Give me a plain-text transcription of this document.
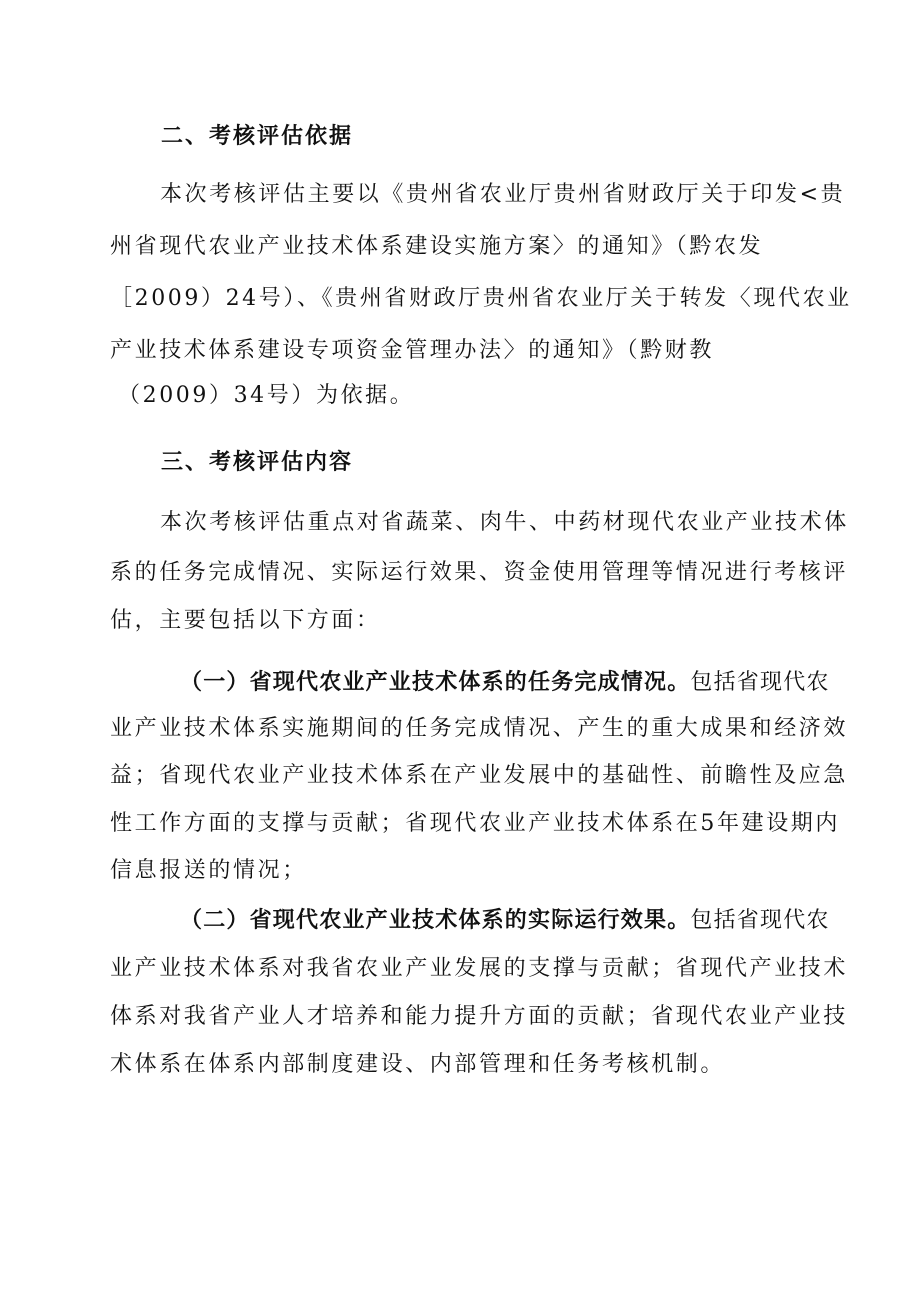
二、考核评估依据
本次考核评估主要以《贵州省农业厅贵州省财政厅关于印发<贵
州省现代农业产业技术体系建设实施方案〉的通知》（黔农发
［2009）24号）、《贵州省财政厅贵州省农业厅关于转发〈现代农业
产业技术体系建设专项资金管理办法〉的通知》（黔财教
（2009）34号）为依据。
三、考核评估内容
本次考核评估重点对省蔬菜、肉牛、中药材现代农业产业技术体
系的任务完成情况、实际运行效果、资金使用管理等情况进行考核评
估，主要包括以下方面：
（一）省现代农业产业技术体系的任务完成情况。包括省现代农
业产业技术体系实施期间的任务完成情况、产生的重大成果和经济效
益；省现代农业产业技术体系在产业发展中的基础性、前瞻性及应急
性工作方面的支撑与贡献；省现代农业产业技术体系在5年建设期内
信息报送的情况；
（二）省现代农业产业技术体系的实际运行效果。包括省现代农
业产业技术体系对我省农业产业发展的支撑与贡献；省现代产业技术
体系对我省产业人才培养和能力提升方面的贡献；省现代农业产业技
术体系在体系内部制度建设、内部管理和任务考核机制。
